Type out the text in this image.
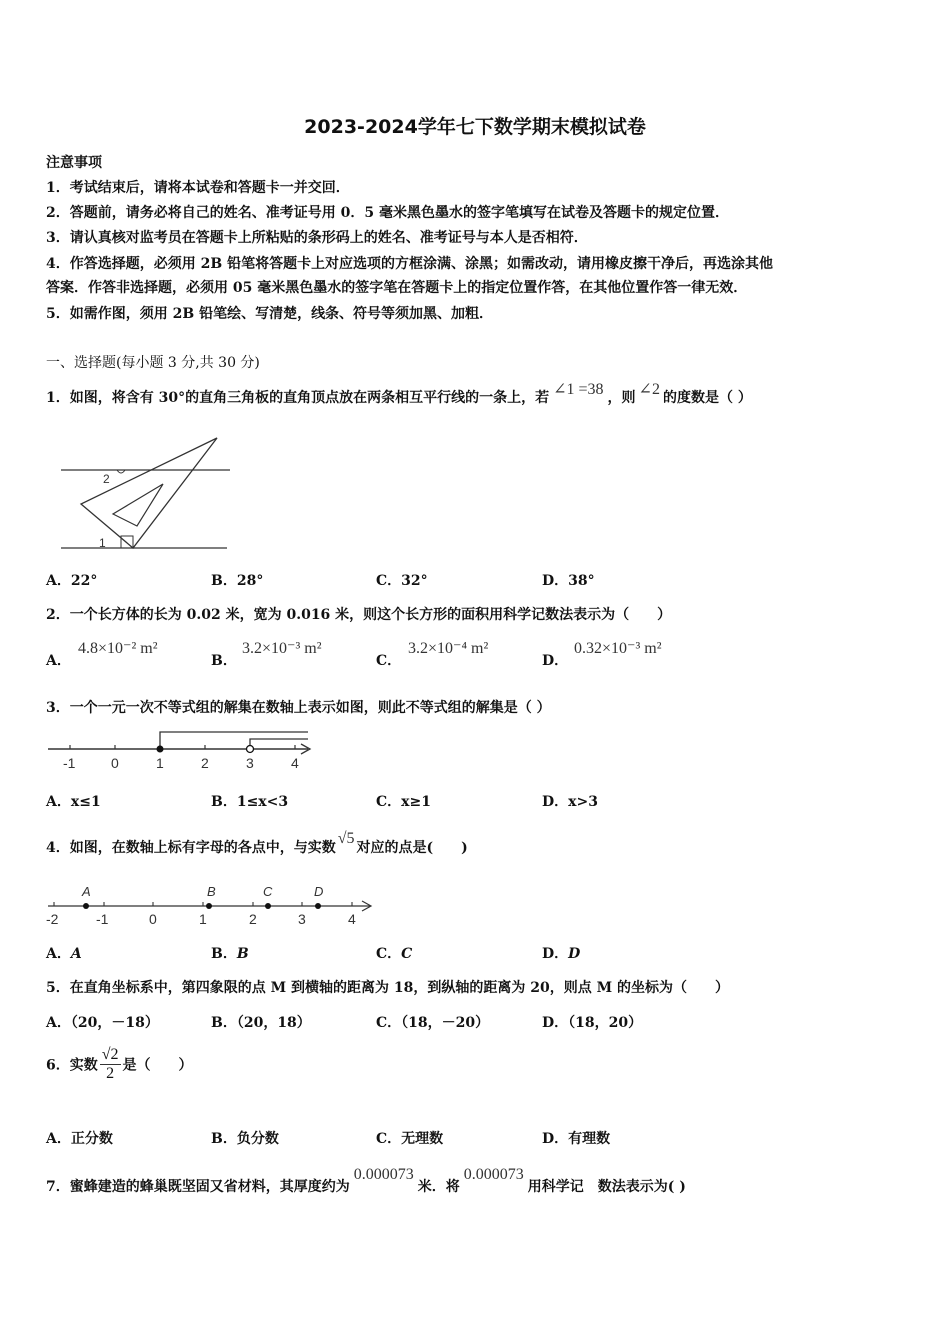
2023-2024学年七下数学期末模拟试卷
注意事项
1．考试结束后，请将本试卷和答题卡一并交回．
2．答题前，请务必将自己的姓名、准考证号用 0．5 毫米黑色墨水的签字笔填写在试卷及答题卡的规定位置．
3．请认真核对监考员在答题卡上所粘贴的条形码上的姓名、准考证号与本人是否相符．
4．作答选择题，必须用 2B 铅笔将答题卡上对应选项的方框涂满、涂黑；如需改动，请用橡皮擦干净后，再选涂其他
答案．作答非选择题，必须用 05 毫米黑色墨水的签字笔在答题卡上的指定位置作答，在其他位置作答一律无效．
5．如需作图，须用 2B 铅笔绘、写清楚，线条、符号等须加黑、加粗．
一、选择题(每小题 3 分,共 30 分)
1．如图，将含有 30°的直角三角板的直角顶点放在两条相互平行线的一条上，若 ∠1 =38 ，则 ∠2 的度数是（ ）
2
1
A．22°	B．28°	C．32°	D．38°
2．一个长方体的长为 0.02 米，宽为 0.016 米，则这个长方形的面积用科学记数法表示为（　　）
A．
4.8×10⁻² m²
B．
3.2×10⁻³ m²
C．
3.2×10⁻⁴ m²
D．
0.32×10⁻³ m²
3．一个一元一次不等式组的解集在数轴上表示如图，则此不等式组的解集是（ ）
-1	0	1	2	3	4
A．x≤1	B．1≤x<3	C．x≥1	D．x>3
4．如图，在数轴上标有字母的各点中，与实数√5对应的点是(　　)
A	B	C	D
-2	-1	0	1	2	3	4
A．A	B．B	C．C	D．D
5．在直角坐标系中，第四象限的点 M 到横轴的距离为 18，到纵轴的距离为 20，则点 M 的坐标为（　　）
A．（20，－18）	B．（20，18）	C．（18，－20）	D．（18，20）
6．实数 $\frac{√2}{2}$ 是（　　）
A．正分数	B．负分数	C．无理数	D．有理数
7．蜜蜂建造的蜂巢既坚固又省材料，其厚度约为0.000073米．将0.000073用科学记　数法表示为( )
